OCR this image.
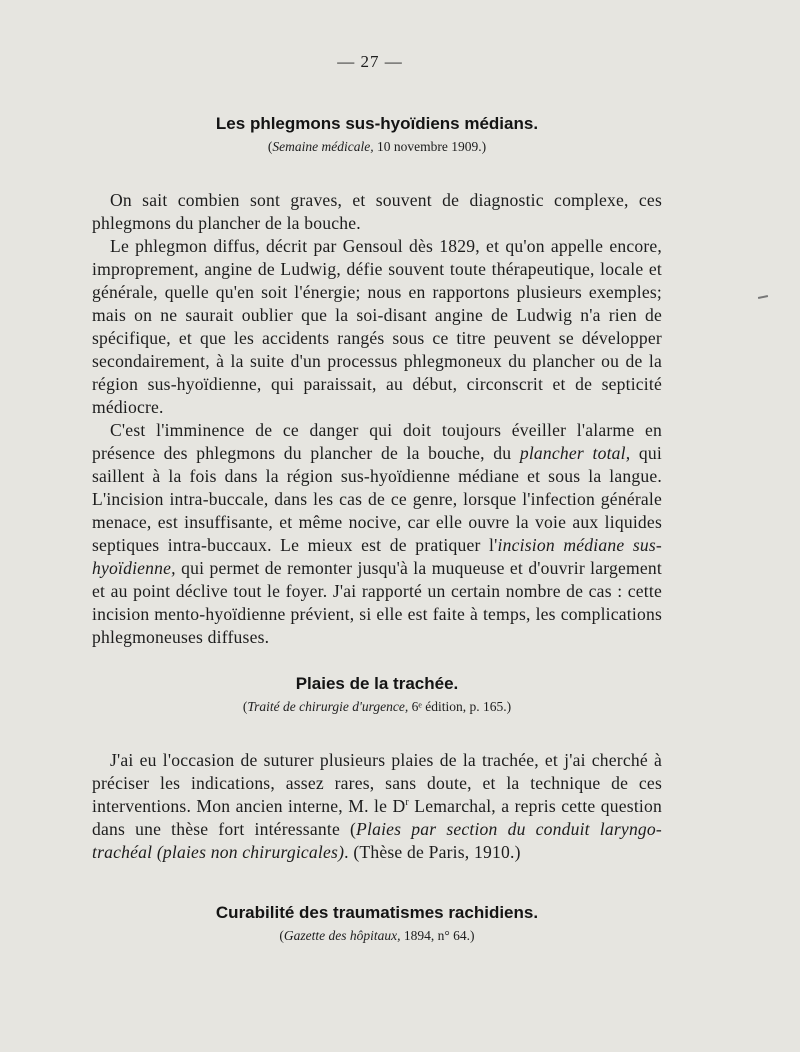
— 27 —
Les phlegmons sus-hyoïdiens médians.
(Semaine médicale, 10 novembre 1909.)

On sait combien sont graves, et souvent de diagnostic complexe, ces phlegmons du plancher de la bouche.

Le phlegmon diffus, décrit par Gensoul dès 1829, et qu'on appelle encore, improprement, angine de Ludwig, défie souvent toute thérapeutique, locale et générale, quelle qu'en soit l'énergie; nous en rapportons plusieurs exemples; mais on ne saurait oublier que la soi-disant angine de Ludwig n'a rien de spécifique, et que les accidents rangés sous ce titre peuvent se développer secondairement, à la suite d'un processus phlegmoneux du plancher ou de la région sus-hyoïdienne, qui paraissait, au début, circonscrit et de septicité médiocre.

C'est l'imminence de ce danger qui doit toujours éveiller l'alarme en présence des phlegmons du plancher de la bouche, du plancher total, qui saillent à la fois dans la région sus-hyoïdienne médiane et sous la langue. L'incision intra-buccale, dans les cas de ce genre, lorsque l'infection générale menace, est insuffisante, et même nocive, car elle ouvre la voie aux liquides septiques intra-buccaux. Le mieux est de pratiquer l'incision médiane sus-hyoïdienne, qui permet de remonter jusqu'à la muqueuse et d'ouvrir largement et au point déclive tout le foyer. J'ai rapporté un certain nombre de cas : cette incision mento-hyoïdienne prévient, si elle est faite à temps, les complications phlegmoneuses diffuses.

Plaies de la trachée.
(Traité de chirurgie d'urgence, 6ᵉ édition, p. 165.)

J'ai eu l'occasion de suturer plusieurs plaies de la trachée, et j'ai cherché à préciser les indications, assez rares, sans doute, et la technique de ces interventions. Mon ancien interne, M. le $D^r$ Lemarchal, a repris cette question dans une thèse fort intéressante (Plaies par section du conduit laryngo-trachéal (plaies non chirurgicales). (Thèse de Paris, 1910.)

Curabilité des traumatismes rachidiens.
(Gazette des hôpitaux, 1894, n° 64.)
